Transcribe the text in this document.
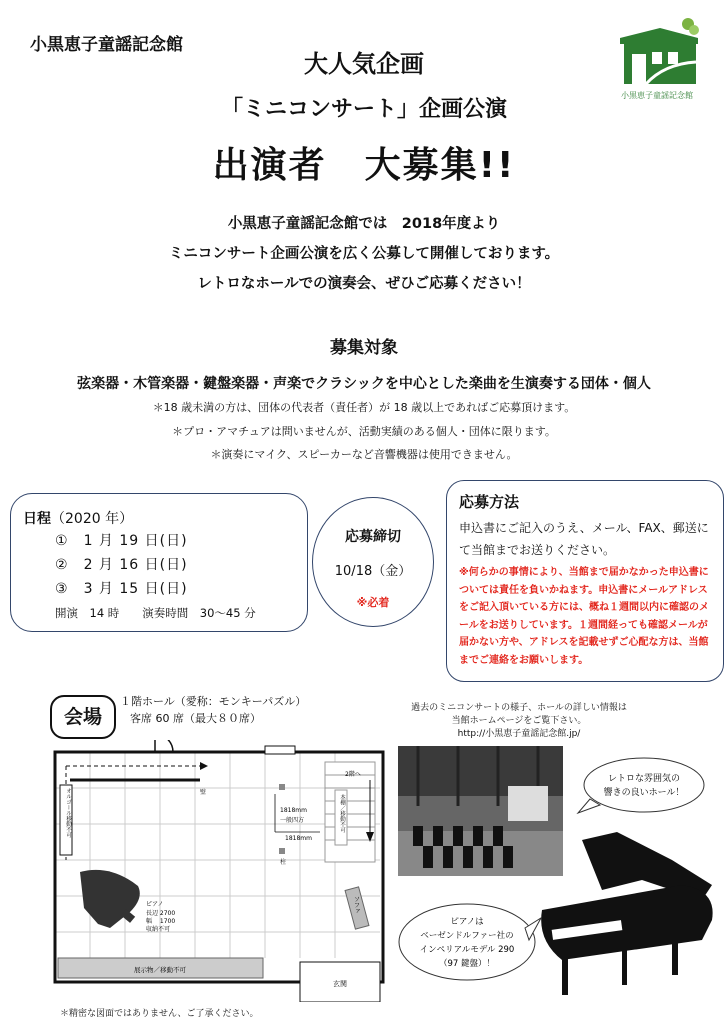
小黒恵子童謡記念館
小黒恵子童謡記念館
大人気企画
「ミニコンサート」企画公演
出演者　大募集!!
小黒恵子童謡記念館では　2018年度より
ミニコンサート企画公演を広く公募して開催しております。
レトロなホールでの演奏会、ぜひご応募ください！
募集対象
弦楽器・木管楽器・鍵盤楽器・声楽でクラシックを中心とした楽曲を生演奏する団体・個人
＊18 歳未満の方は、団体の代表者（責任者）が 18 歳以上であればご応募頂けます。
＊プロ・アマチュアは問いませんが、活動実績のある個人・団体に限ります。
＊演奏にマイク、スピーカーなど音響機器は使用できません。
日程（2020 年）
①　 1 月 19 日(日)
②　 2 月 16 日(日)
③　 3 月 15 日(日)
開演　14 時　　演奏時間　30～45 分
応募締切
10/18（金）
※必着
応募方法
申込書にご記入のうえ、メール、FAX、郵送にて当館までお送りください。
※何らかの事情により、当館まで届かなかった申込書については責任を負いかねます。申込書にメールアドレスをご記入頂いている方には、概ね１週間以内に確認のメールをお送りしています。１週間経っても確認メールが届かない方や、アドレスを記載せずご心配な方は、当館までご連絡をお願いします。
会場
１階ホール（愛称：モンキーパズル）
客席 60 席（最大８０席）
壁
オルゴール移動不可
2階へ
本棚／移動不可
1818mm
一般四方
1818mm
柱
ピアノ
長辺 2700
幅　 1700
収納不可
ソファ
展示物／移動不可
玄関
過去のミニコンサートの様子、ホールの詳しい情報は
当館ホームページをご覧下さい。
http://小黒恵子童謡記念館.jp/
レトロな雰囲気の
響きの良いホール！
ピアノは
ベーゼンドルファー社の
インペリアルモデル 290
（97 鍵盤）！
＊精密な図面ではありません、ご了承ください。
